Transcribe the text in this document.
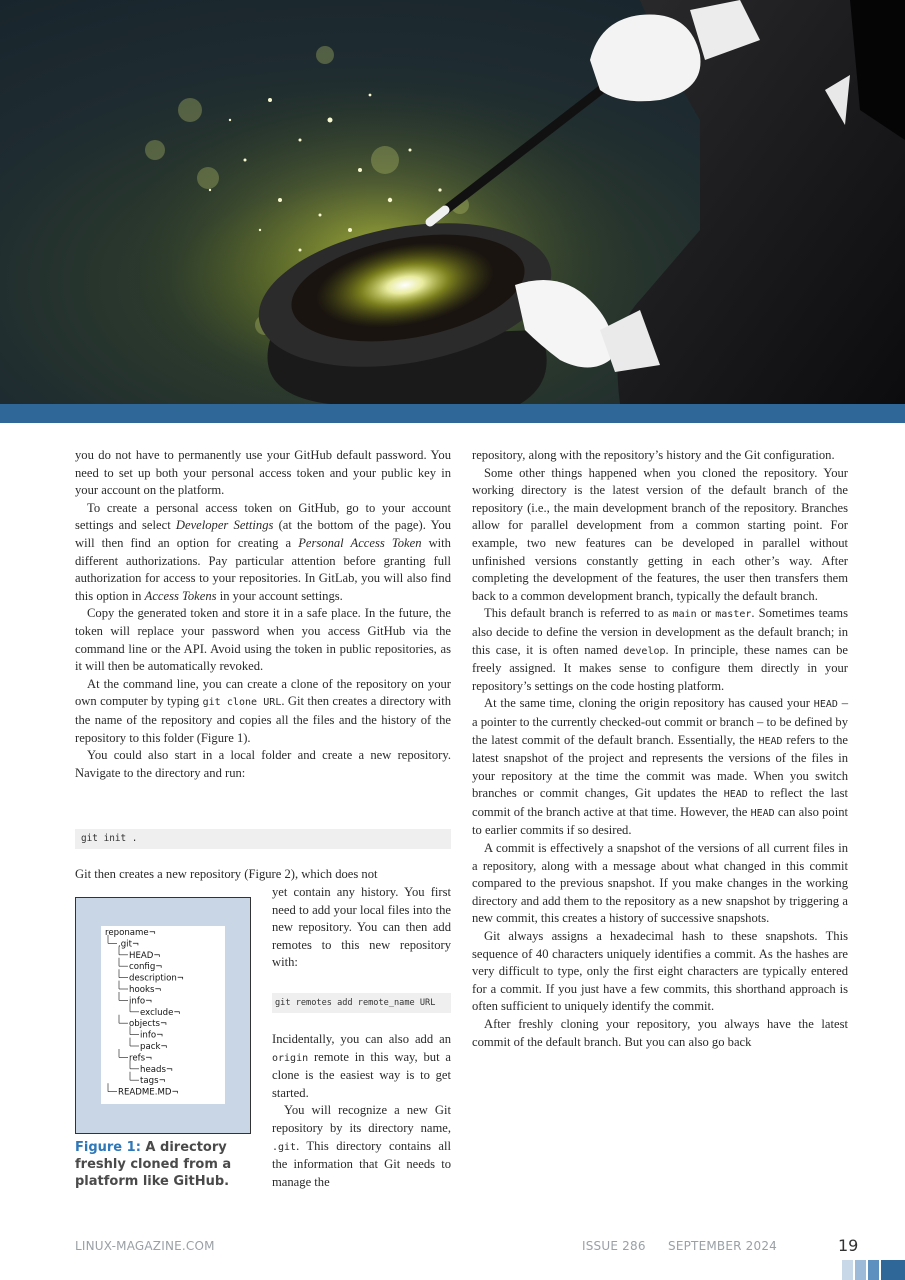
you do not have to permanently use your GitHub default password. You need to set up both your personal access token and your public key in your account on the platform.

To create a personal access token on GitHub, go to your account settings and select Developer Settings (at the bottom of the page). You will then find an option for creating a Personal Access Token with different authorizations. Pay particular attention before granting full authorization for access to your repositories. In GitLab, you will also find this option in Access Tokens in your account settings.

Copy the generated token and store it in a safe place. In the future, the token will replace your password when you access GitHub via the command line or the API. Avoid using the token in public repositories, as it will then be automatically revoked.

At the command line, you can create a clone of the repository on your own computer by typing git clone URL. Git then creates a directory with the name of the repository and copies all the files and the history of the repository to this folder (Figure 1).

You could also start in a local folder and create a new repository. Navigate to the directory and run:

git init .

Git then creates a new repository (Figure 2), which does not

yet contain any history. You first need to add your local files into the new repository. You can then add remotes to this new repository with:

git remotes add remote_name URL

Incidentally, you can also add an origin remote in this way, but a clone is the easiest way is to get started.

You will recognize a new Git repository by its directory name, .git. This directory contains all the information that Git needs to manage the

reponame¬
.git¬
HEAD¬
config¬
description¬
hooks¬
info¬
exclude¬
objects¬
info¬
pack¬
refs¬
heads¬
tags¬
README.MD¬
Figure 1: A directory freshly cloned from a platform like GitHub.

repository, along with the repository’s history and the Git configuration.

Some other things happened when you cloned the repository. Your working directory is the latest version of the default branch of the repository (i.e., the main development branch of the repository. Branches allow for parallel development from a common starting point. For example, two new features can be developed in parallel without unfinished versions constantly getting in each other’s way. After completing the development of the features, the user then transfers them back to a common development branch, typically the default branch.

This default branch is referred to as main or master. Sometimes teams also decide to define the version in development as the default branch; in this case, it is often named develop. In principle, these names can be freely assigned. It makes sense to configure them directly in your repository’s settings on the code hosting platform.

At the same time, cloning the origin repository has caused your HEAD – a pointer to the currently checked-out commit or branch – to be defined by the latest commit of the default branch. Essentially, the HEAD refers to the latest snapshot of the project and represents the versions of the files in your repository at the time the commit was made. When you switch branches or commit changes, Git updates the HEAD to reflect the last commit of the branch active at that time. However, the HEAD can also point to earlier commits if so desired.

A commit is effectively a snapshot of the versions of all current files in a repository, along with a message about what changed in this commit compared to the previous snapshot. If you make changes in the working directory and add them to the repository as a new snapshot by triggering a new commit, this creates a history of successive snapshots.

Git always assigns a hexadecimal hash to these snapshots. This sequence of 40 characters uniquely identifies a commit. As the hashes are very difficult to type, only the first eight characters are typically entered for a commit. If you just have a few commits, this shorthand approach is often sufficient to uniquely identify the commit.

After freshly cloning your repository, you always have the latest commit of the default branch. But you can also go back

LINUX-MAGAZINE.COM	ISSUE 286 SEPTEMBER 2024	19
